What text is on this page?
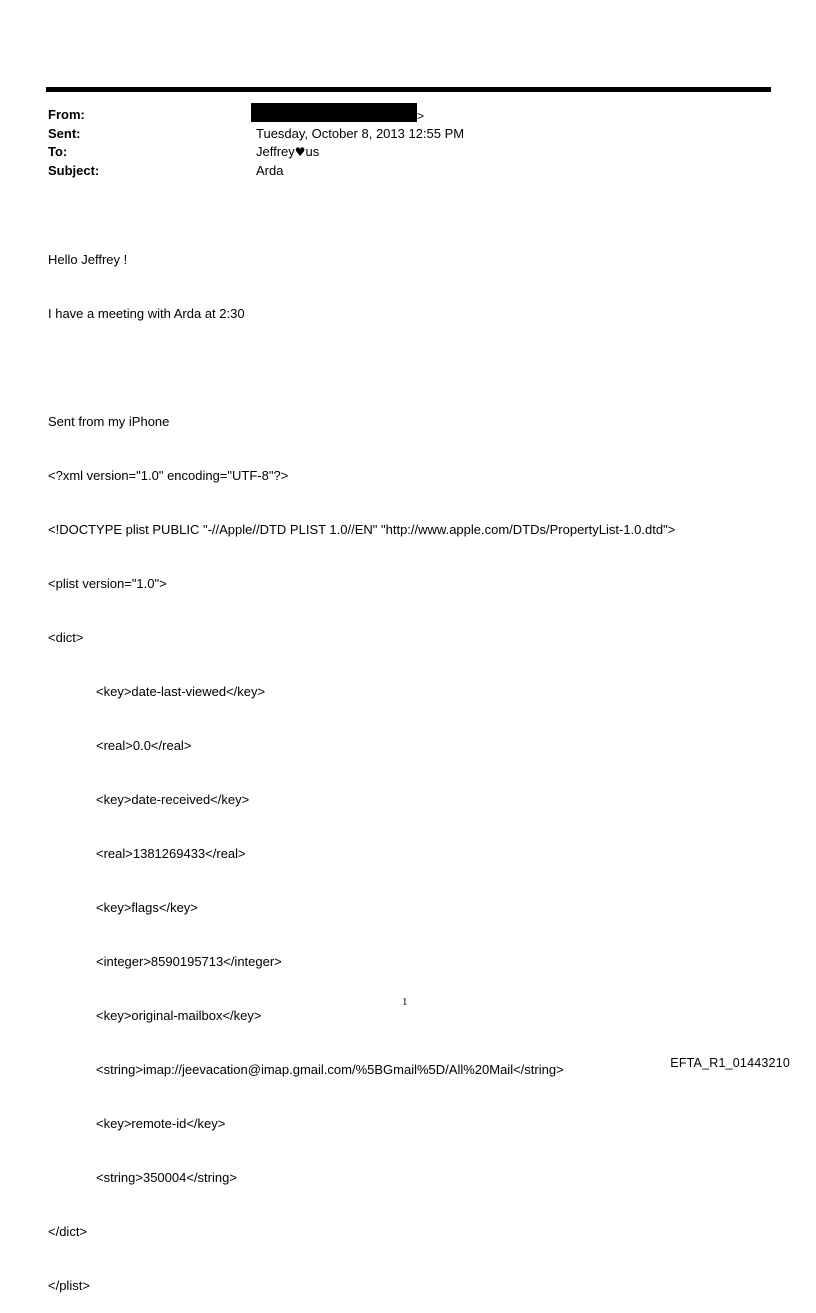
From:	>
Sent:	Tuesday, October 8, 2013 12:55 PM
To:	Jeffrey♥us
Subject:	Arda

Hello Jeffrey !

I have a meeting with Arda at 2:30

Sent from my iPhone

<?xml version="1.0" encoding="UTF-8"?>

<!DOCTYPE plist PUBLIC "-//Apple//DTD PLIST 1.0//EN" "http://www.apple.com/DTDs/PropertyList-1.0.dtd">

<plist version="1.0">

<dict>

<key>date-last-viewed</key>

<real>0.0</real>

<key>date-received</key>

<real>1381269433</real>

<key>flags</key>

<integer>8590195713</integer>

<key>original-mailbox</key>

<string>imap://jeevacation@imap.gmail.com/%5BGmail%5D/All%20Mail</string>

<key>remote-id</key>

<string>350004</string>

</dict>

</plist>

1
EFTA_R1_01443210
